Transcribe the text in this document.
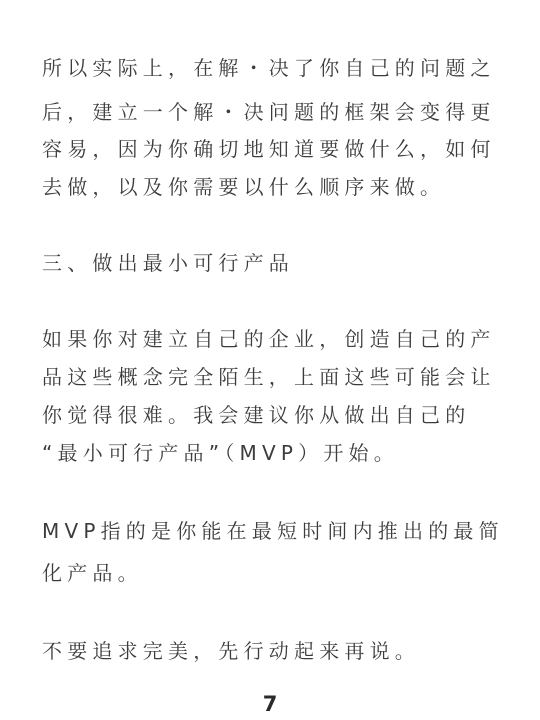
所以实际上，在解・决了你自己的问题之
后，建立一个解・决问题的框架会变得更
容易，因为你确切地知道要做什么，如何
去做，以及你需要以什么顺序来做。
三、做出最小可行产品
如果你对建立自己的企业，创造自己的产
品这些概念完全陌生，上面这些可能会让
你觉得很难。我会建议你从做出自己的
“最小可行产品”（MVP）开始。
MVP指的是你能在最短时间内推出的最简
化产品。
不要追求完美，先行动起来再说。
7
